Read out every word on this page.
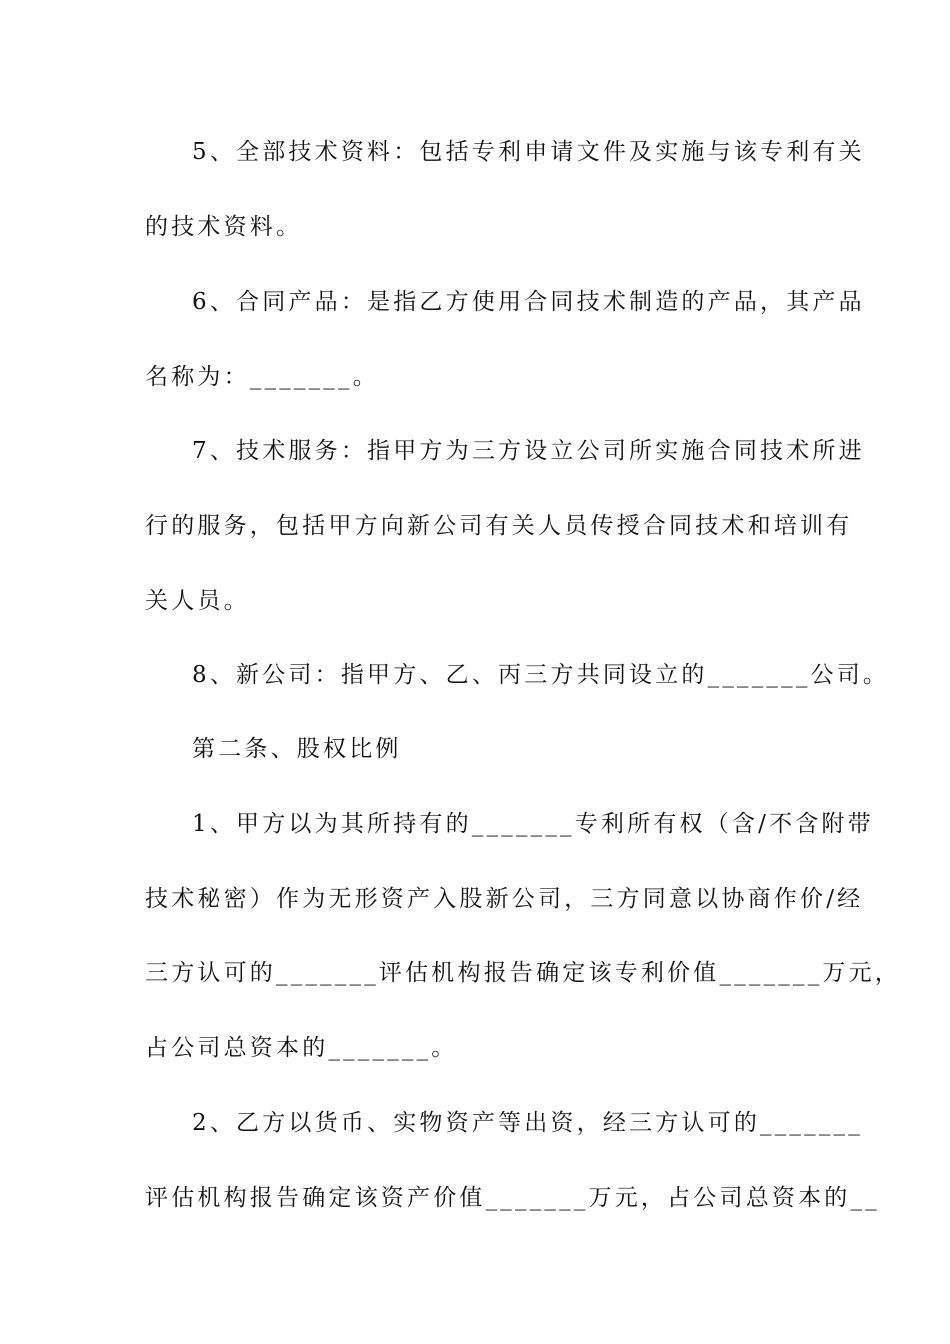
5、全部技术资料：包括专利申请文件及实施与该专利有关
的技术资料。
6、合同产品：是指乙方使用合同技术制造的产品，其产品
名称为：_______。
7、技术服务：指甲方为三方设立公司所实施合同技术所进
行的服务，包括甲方向新公司有关人员传授合同技术和培训有
关人员。
8、新公司：指甲方、乙、丙三方共同设立的_______公司。
第二条、股权比例
1、甲方以为其所持有的_______专利所有权（含/不含附带
技术秘密）作为无形资产入股新公司，三方同意以协商作价/经
三方认可的_______评估机构报告确定该专利价值_______万元，
占公司总资本的_______。
2、乙方以货币、实物资产等出资，经三方认可的_______
评估机构报告确定该资产价值_______万元，占公司总资本的__
